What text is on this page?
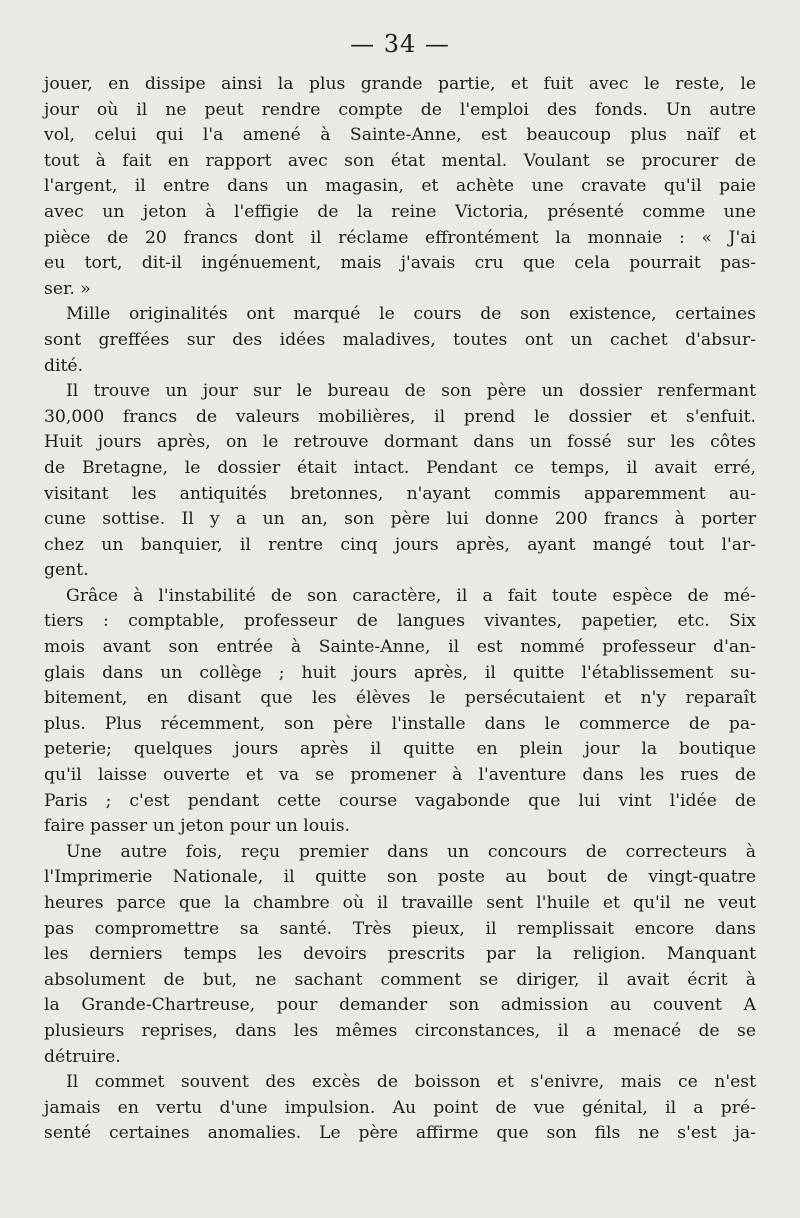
— 34 —

jouer, en dissipe ainsi la plus grande partie, et fuit avec le reste, le
jour où il ne peut rendre compte de l'emploi des fonds. Un autre
vol, celui qui l'a amené à Sainte-Anne, est beaucoup plus naïf et
tout à fait en rapport avec son état mental. Voulant se procurer de
l'argent, il entre dans un magasin, et achète une cravate qu'il paie
avec un jeton à l'effigie de la reine Victoria, présenté comme une
pièce de 20 francs dont il réclame effrontément la monnaie : « J'ai
eu tort, dit-il ingénuement, mais j'avais cru que cela pourrait pas-
ser. »

Mille originalités ont marqué le cours de son existence, certaines
sont greffées sur des idées maladives, toutes ont un cachet d'absur-
dité.

Il trouve un jour sur le bureau de son père un dossier renfermant
30,000 francs de valeurs mobilières, il prend le dossier et s'enfuit.
Huit jours après, on le retrouve dormant dans un fossé sur les côtes
de Bretagne, le dossier était intact. Pendant ce temps, il avait erré,
visitant les antiquités bretonnes, n'ayant commis apparemment au-
cune sottise. Il y a un an, son père lui donne 200 francs à porter
chez un banquier, il rentre cinq jours après, ayant mangé tout l'ar-
gent.

Grâce à l'instabilité de son caractère, il a fait toute espèce de mé-
tiers : comptable, professeur de langues vivantes, papetier, etc. Six
mois avant son entrée à Sainte-Anne, il est nommé professeur d'an-
glais dans un collège ; huit jours après, il quitte l'établissement su-
bitement, en disant que les élèves le persécutaient et n'y reparaît
plus. Plus récemment, son père l'installe dans le commerce de pa-
peterie; quelques jours après il quitte en plein jour la boutique
qu'il laisse ouverte et va se promener à l'aventure dans les rues de
Paris ; c'est pendant cette course vagabonde que lui vint l'idée de
faire passer un jeton pour un louis.

Une autre fois, reçu premier dans un concours de correcteurs à
l'Imprimerie Nationale, il quitte son poste au bout de vingt-quatre
heures parce que la chambre où il travaille sent l'huile et qu'il ne veut
pas compromettre sa santé. Très pieux, il remplissait encore dans
les derniers temps les devoirs prescrits par la religion. Manquant
absolument de but, ne sachant comment se diriger, il avait écrit à
la Grande-Chartreuse, pour demander son admission au couvent A
plusieurs reprises, dans les mêmes circonstances, il a menacé de se
détruire.

Il commet souvent des excès de boisson et s'enivre, mais ce n'est
jamais en vertu d'une impulsion. Au point de vue génital, il a pré-
senté certaines anomalies. Le père affirme que son fils ne s'est ja-
